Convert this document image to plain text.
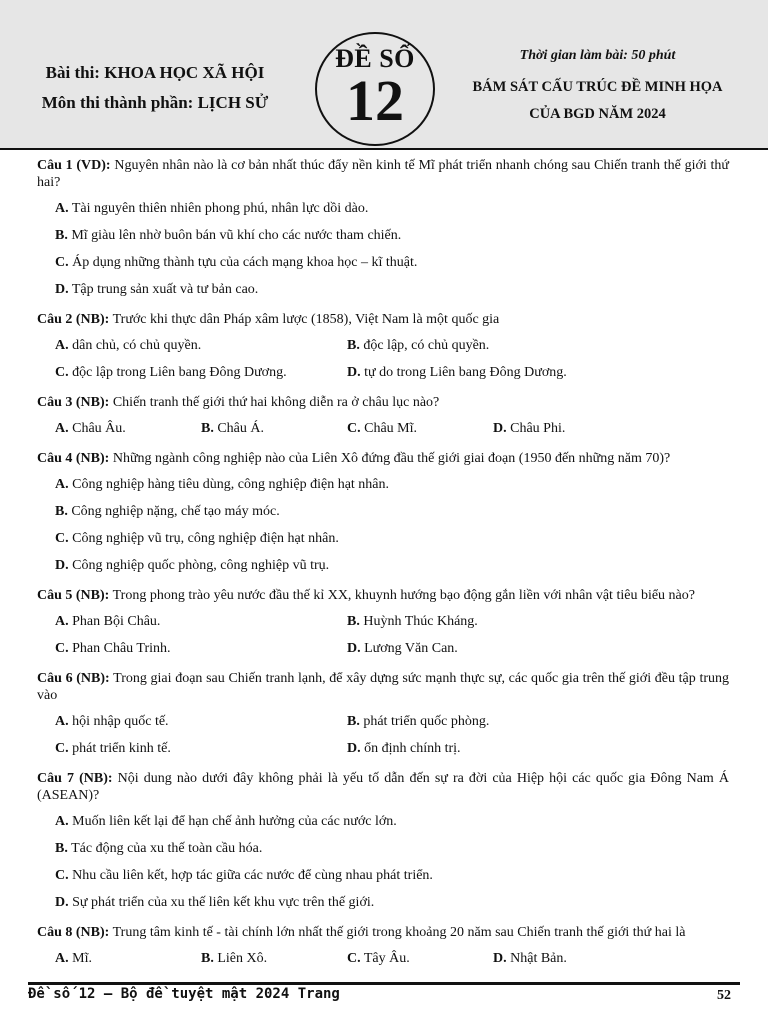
Bài thi: KHOA HỌC XÃ HỘI
Môn thi thành phần: LỊCH SỬ
ĐỀ SỐ
12
Thời gian làm bài: 50 phút
BÁM SÁT CẤU TRÚC ĐỀ MINH HỌA
CỦA BGD NĂM 2024

Câu 1 (VD): Nguyên nhân nào là cơ bản nhất thúc đẩy nền kinh tế Mĩ phát triển nhanh chóng sau Chiến tranh thế giới thứ hai?

A. Tài nguyên thiên nhiên phong phú, nhân lực dồi dào.
B. Mĩ giàu lên nhờ buôn bán vũ khí cho các nước tham chiến.
C. Áp dụng những thành tựu của cách mạng khoa học – kĩ thuật.
D. Tập trung sản xuất và tư bản cao.

Câu 2 (NB): Trước khi thực dân Pháp xâm lược (1858), Việt Nam là một quốc gia

A. dân chủ, có chủ quyền.	B. độc lập, có chủ quyền.
C. độc lập trong Liên bang Đông Dương.	D. tự do trong Liên bang Đông Dương.

Câu 3 (NB): Chiến tranh thế giới thứ hai không diễn ra ở châu lục nào?

A. Châu Âu.	B. Châu Á.	C. Châu Mĩ.	D. Châu Phi.

Câu 4 (NB): Những ngành công nghiệp nào của Liên Xô đứng đầu thế giới giai đoạn (1950 đến những năm 70)?

A. Công nghiệp hàng tiêu dùng, công nghiệp điện hạt nhân.
B. Công nghiệp nặng, chế tạo máy móc.
C. Công nghiệp vũ trụ, công nghiệp điện hạt nhân.
D. Công nghiệp quốc phòng, công nghiệp vũ trụ.

Câu 5 (NB): Trong phong trào yêu nước đầu thế kỉ XX, khuynh hướng bạo động gắn liền với nhân vật tiêu biểu nào?

A. Phan Bội Châu.	B. Huỳnh Thúc Kháng.
C. Phan Châu Trinh.	D. Lương Văn Can.

Câu 6 (NB): Trong giai đoạn sau Chiến tranh lạnh, để xây dựng sức mạnh thực sự, các quốc gia trên thế giới đều tập trung vào

A. hội nhập quốc tế.	B. phát triển quốc phòng.
C. phát triển kinh tế.	D. ổn định chính trị.

Câu 7 (NB): Nội dung nào dưới đây không phải là yếu tố dẫn đến sự ra đời của Hiệp hội các quốc gia Đông Nam Á (ASEAN)?

A. Muốn liên kết lại để hạn chế ảnh hưởng của các nước lớn.
B. Tác động của xu thế toàn cầu hóa.
C. Nhu cầu liên kết, hợp tác giữa các nước để cùng nhau phát triển.
D. Sự phát triển của xu thế liên kết khu vực trên thế giới.

Câu 8 (NB): Trung tâm kinh tế - tài chính lớn nhất thế giới trong khoảng 20 năm sau Chiến tranh thế giới thứ hai là

A. Mĩ.	B. Liên Xô.	C. Tây Âu.	D. Nhật Bản.
Đề số 12 – Bộ đề tuyệt mật 2024 Trang	52
